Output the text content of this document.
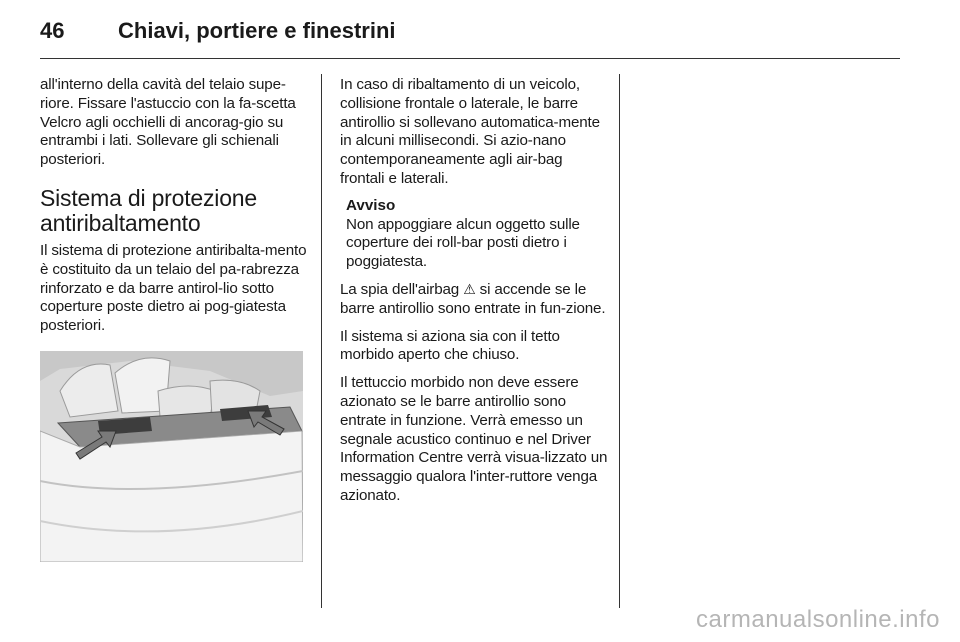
46 Chiavi, portiere e finestrini

all'interno della cavità del telaio supe-riore. Fissare l'astuccio con la fa-scetta Velcro agli occhielli di ancorag-gio su entrambi i lati. Sollevare gli schienali posteriori.

Sistema di protezione antiribaltamento

Il sistema di protezione antiribalta-mento è costituito da un telaio del pa-rabrezza rinforzato e da barre antirol-lio sotto coperture poste dietro ai pog-giatesta posteriori.

In caso di ribaltamento di un veicolo, collisione frontale o laterale, le barre antirollio si sollevano automatica-mente in alcuni millisecondi. Si azio-nano contemporaneamente agli air-bag frontali e laterali.

Avviso

Non appoggiare alcun oggetto sulle coperture dei roll-bar posti dietro i poggiatesta.

La spia dell'airbag ⚠ si accende se le barre antirollio sono entrate in fun-zione.

Il sistema si aziona sia con il tetto morbido aperto che chiuso.

Il tettuccio morbido non deve essere azionato se le barre antirollio sono entrate in funzione. Verrà emesso un segnale acustico continuo e nel Driver Information Centre verrà visua-lizzato un messaggio qualora l'inter-ruttore venga azionato.

carmanualsonline.info
